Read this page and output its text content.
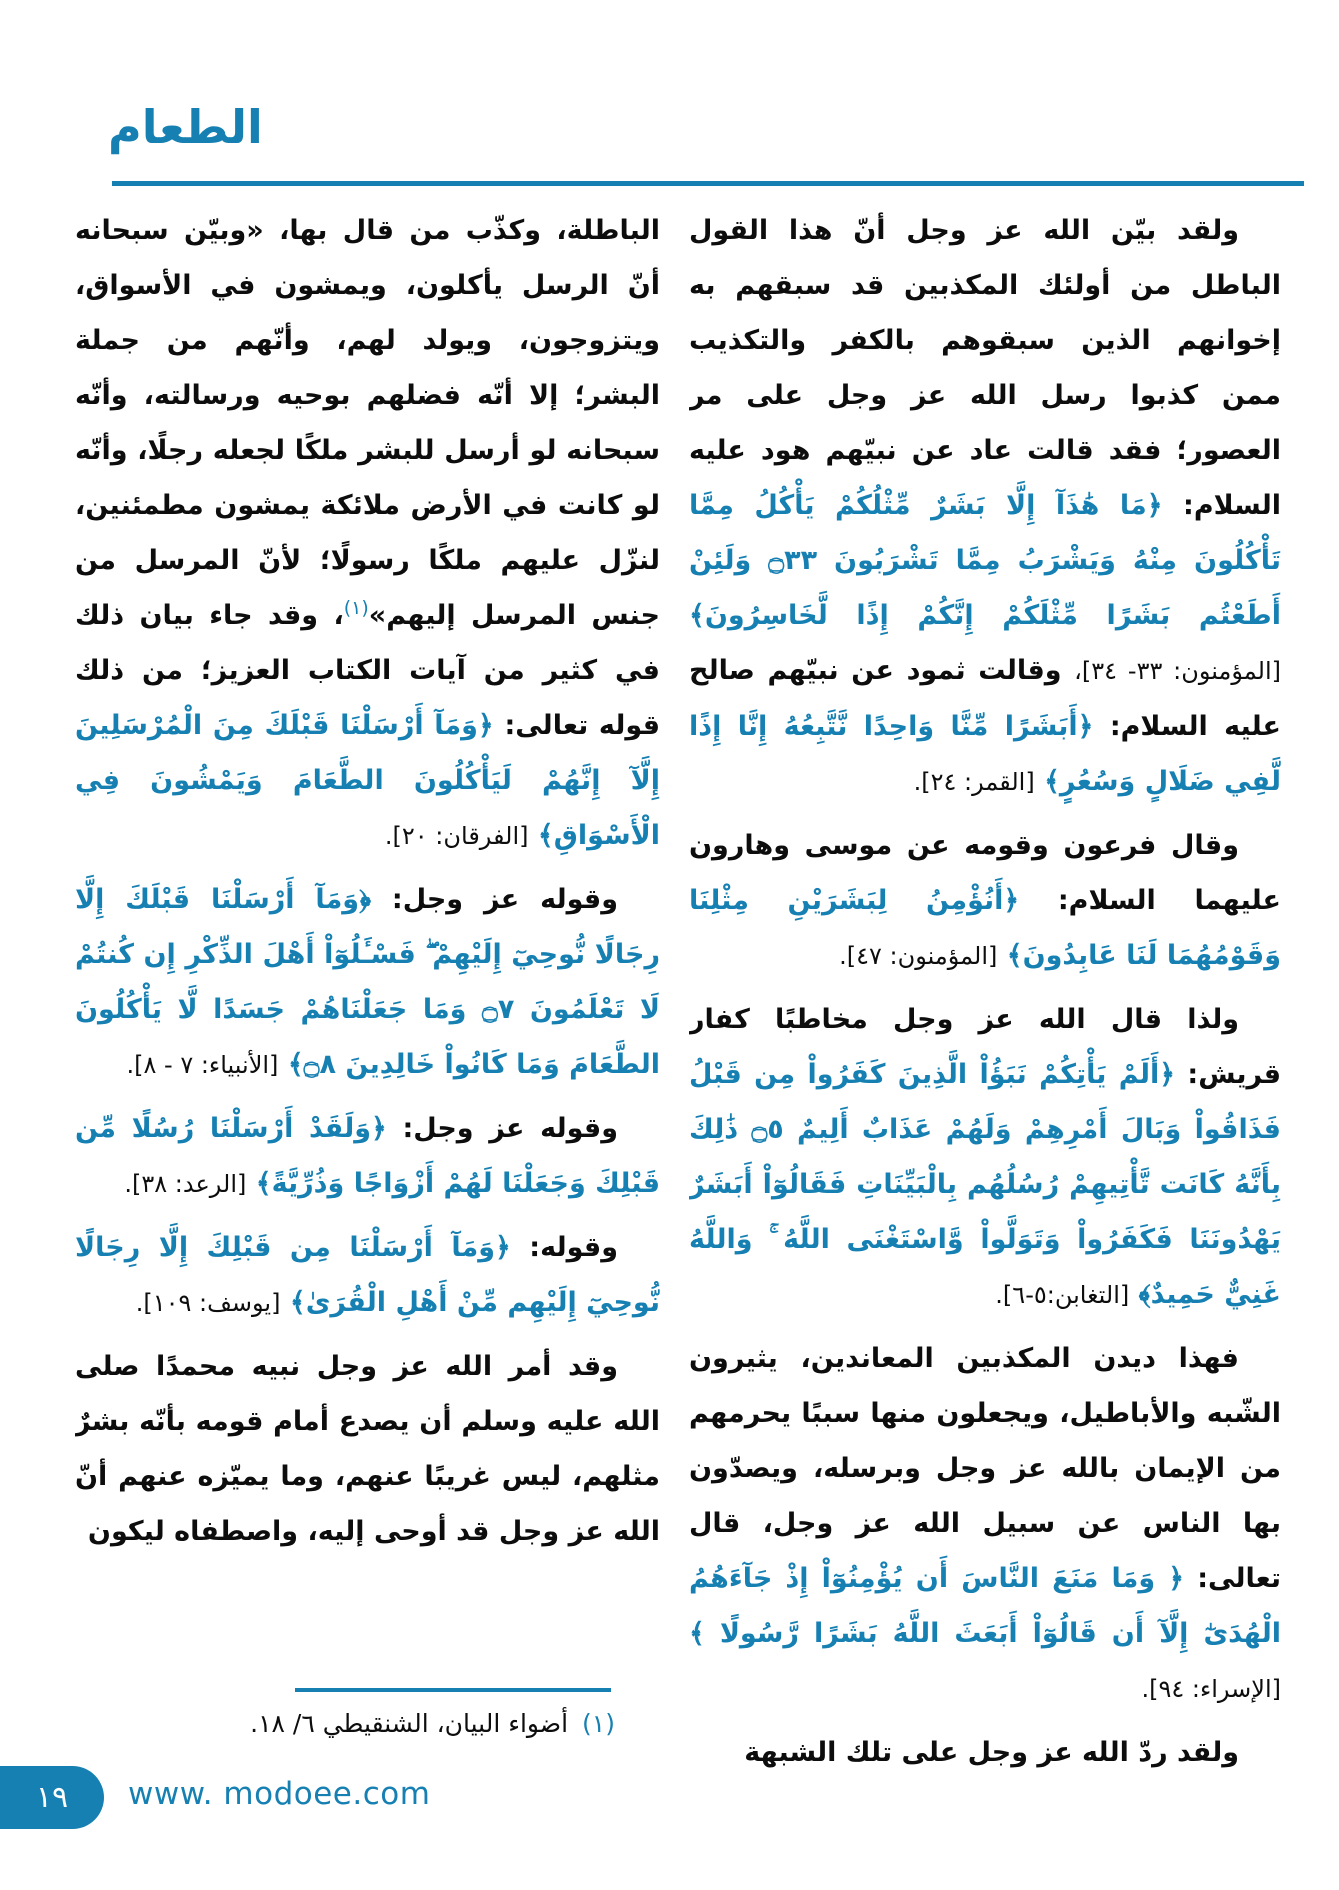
الطعام

ولقد بيّن الله عز وجل أنّ هذا القول الباطل من أولئك المكذبين قد سبقهم به إخوانهم الذين سبقوهم بالكفر والتكذيب ممن كذبوا رسل الله عز وجل على مر العصور؛ فقد قالت عاد عن نبيّهم هود عليه السلام: ﴿مَا هَٰذَآ إِلَّا بَشَرٌ مِّثْلُكُمْ يَأْكُلُ مِمَّا تَأْكُلُونَ مِنْهُ وَيَشْرَبُ مِمَّا تَشْرَبُونَ ۝٣٣ وَلَئِنْ أَطَعْتُم بَشَرًا مِّثْلَكُمْ إِنَّكُمْ إِذًا لَّخَاسِرُونَ﴾ [المؤمنون: ٣٣- ٣٤]، وقالت ثمود عن نبيّهم صالح عليه السلام: ﴿أَبَشَرًا مِّنَّا وَاحِدًا نَّتَّبِعُهُ إِنَّا إِذًا لَّفِي ضَلَالٍ وَسُعُرٍ﴾ [القمر: ٢٤].

وقال فرعون وقومه عن موسى وهارون عليهما السلام: ﴿أَنُؤْمِنُ لِبَشَرَيْنِ مِثْلِنَا وَقَوْمُهُمَا لَنَا عَابِدُونَ﴾ [المؤمنون: ٤٧].

ولذا قال الله عز وجل مخاطبًا كفار قريش: ﴿أَلَمْ يَأْتِكُمْ نَبَؤُاْ الَّذِينَ كَفَرُواْ مِن قَبْلُ فَذَاقُواْ وَبَالَ أَمْرِهِمْ وَلَهُمْ عَذَابٌ أَلِيمٌ ۝٥ ذَٰلِكَ بِأَنَّهُ كَانَت تَّأْتِيهِمْ رُسُلُهُم بِالْبَيِّنَاتِ فَقَالُوٓاْ أَبَشَرٌ يَهْدُونَنَا فَكَفَرُواْ وَتَوَلَّواْ وَّاسْتَغْنَى اللَّهُ ۚ وَاللَّهُ غَنِيٌّ حَمِيدٌ﴾ [التغابن:٥-٦].

فهذا ديدن المكذبين المعاندين، يثيرون الشّبه والأباطيل، ويجعلون منها سببًا يحرمهم من الإيمان بالله عز وجل وبرسله، ويصدّون بها الناس عن سبيل الله عز وجل، قال تعالى: ﴿ وَمَا مَنَعَ النَّاسَ أَن يُؤْمِنُوٓاْ إِذْ جَآءَهُمُ الْهُدَىٰٓ إِلَّآ أَن قَالُوٓاْ أَبَعَثَ اللَّهُ بَشَرًا رَّسُولًا ﴾ [الإسراء: ٩٤].

ولقد ردّ الله عز وجل على تلك الشبهة

الباطلة، وكذّب من قال بها، «وبيّن سبحانه أنّ الرسل يأكلون، ويمشون في الأسواق، ويتزوجون، ويولد لهم، وأنّهم من جملة البشر؛ إلا أنّه فضلهم بوحيه ورسالته، وأنّه سبحانه لو أرسل للبشر ملكًا لجعله رجلًا، وأنّه لو كانت في الأرض ملائكة يمشون مطمئنين، لنزّل عليهم ملكًا رسولًا؛ لأنّ المرسل من جنس المرسل إليهم»$^{(١)}$، وقد جاء بيان ذلك في كثير من آيات الكتاب العزيز؛ من ذلك قوله تعالى: ﴿وَمَآ أَرْسَلْنَا قَبْلَكَ مِنَ الْمُرْسَلِينَ إِلَّآ إِنَّهُمْ لَيَأْكُلُونَ الطَّعَامَ وَيَمْشُونَ فِي الْأَسْوَاقِ﴾ [الفرقان: ٢٠].

وقوله عز وجل: ﴿وَمَآ أَرْسَلْنَا قَبْلَكَ إِلَّا رِجَالًا نُّوحِيٓ إِلَيْهِمْ ۖ فَسْـَٔلُوٓاْ أَهْلَ الذِّكْرِ إِن كُنتُمْ لَا تَعْلَمُونَ ۝٧ وَمَا جَعَلْنَاهُمْ جَسَدًا لَّا يَأْكُلُونَ الطَّعَامَ وَمَا كَانُواْ خَالِدِينَ ۝٨﴾ [الأنبياء: ٧ - ٨].

وقوله عز وجل: ﴿وَلَقَدْ أَرْسَلْنَا رُسُلًا مِّن قَبْلِكَ وَجَعَلْنَا لَهُمْ أَزْوَاجًا وَذُرِّيَّةً﴾ [الرعد: ٣٨].

وقوله: ﴿وَمَآ أَرْسَلْنَا مِن قَبْلِكَ إِلَّا رِجَالًا نُّوحِيٓ إِلَيْهِم مِّنْ أَهْلِ الْقُرَىٰ﴾ [يوسف: ١٠٩].

وقد أمر الله عز وجل نبيه محمدًا صلى الله عليه وسلم أن يصدع أمام قومه بأنّه بشرٌ مثلهم، ليس غريبًا عنهم، وما يميّزه عنهم أنّ الله عز وجل قد أوحى إليه، واصطفاه ليكون

(١)أضواء البيان، الشنقيطي ٦/ ١٨.
١٩	www. modoee.com
